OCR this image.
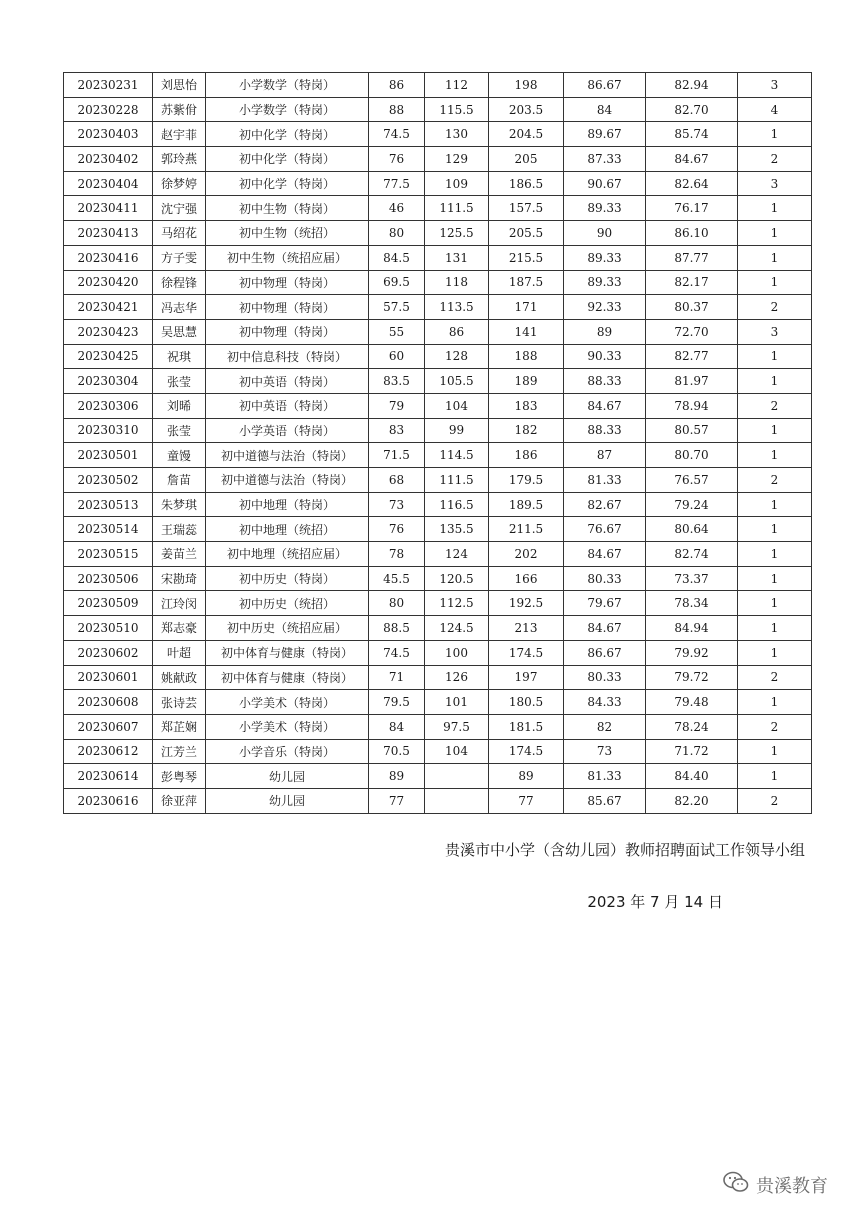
20230231	刘思怡	小学数学（特岗）	86	112	198	86.67	82.94	3
20230228	苏紫佾	小学数学（特岗）	88	115.5	203.5	84	82.70	4
20230403	赵宇菲	初中化学（特岗）	74.5	130	204.5	89.67	85.74	1
20230402	郭玲燕	初中化学（特岗）	76	129	205	87.33	84.67	2
20230404	徐梦婷	初中化学（特岗）	77.5	109	186.5	90.67	82.64	3
20230411	沈宁强	初中生物（特岗）	46	111.5	157.5	89.33	76.17	1
20230413	马绍花	初中生物（统招）	80	125.5	205.5	90	86.10	1
20230416	方子雯	初中生物（统招应届）	84.5	131	215.5	89.33	87.77	1
20230420	徐程锋	初中物理（特岗）	69.5	118	187.5	89.33	82.17	1
20230421	冯志华	初中物理（特岗）	57.5	113.5	171	92.33	80.37	2
20230423	吴思慧	初中物理（特岗）	55	86	141	89	72.70	3
20230425	祝琪	初中信息科技（特岗）	60	128	188	90.33	82.77	1
20230304	张莹	初中英语（特岗）	83.5	105.5	189	88.33	81.97	1
20230306	刘晞	初中英语（特岗）	79	104	183	84.67	78.94	2
20230310	张莹	小学英语（特岗）	83	99	182	88.33	80.57	1
20230501	童馒	初中道德与法治（特岗）	71.5	114.5	186	87	80.70	1
20230502	詹苗	初中道德与法治（特岗）	68	111.5	179.5	81.33	76.57	2
20230513	朱梦琪	初中地理（特岗）	73	116.5	189.5	82.67	79.24	1
20230514	王瑞蕊	初中地理（统招）	76	135.5	211.5	76.67	80.64	1
20230515	姜苗兰	初中地理（统招应届）	78	124	202	84.67	82.74	1
20230506	宋勘琦	初中历史（特岗）	45.5	120.5	166	80.33	73.37	1
20230509	江玲闵	初中历史（统招）	80	112.5	192.5	79.67	78.34	1
20230510	郑志豪	初中历史（统招应届）	88.5	124.5	213	84.67	84.94	1
20230602	叶超	初中体育与健康（特岗）	74.5	100	174.5	86.67	79.92	1
20230601	姚献政	初中体育与健康（特岗）	71	126	197	80.33	79.72	2
20230608	张诗芸	小学美术（特岗）	79.5	101	180.5	84.33	79.48	1
20230607	郑芷娴	小学美术（特岗）	84	97.5	181.5	82	78.24	2
20230612	江芳兰	小学音乐（特岗）	70.5	104	174.5	73	71.72	1
20230614	彭粤琴	幼儿园	89		89	81.33	84.40	1
20230616	徐亚萍	幼儿园	77		77	85.67	82.20	2
贵溪市中小学（含幼儿园）教师招聘面试工作领导小组
2023 年 7 月 14 日
贵溪教育
